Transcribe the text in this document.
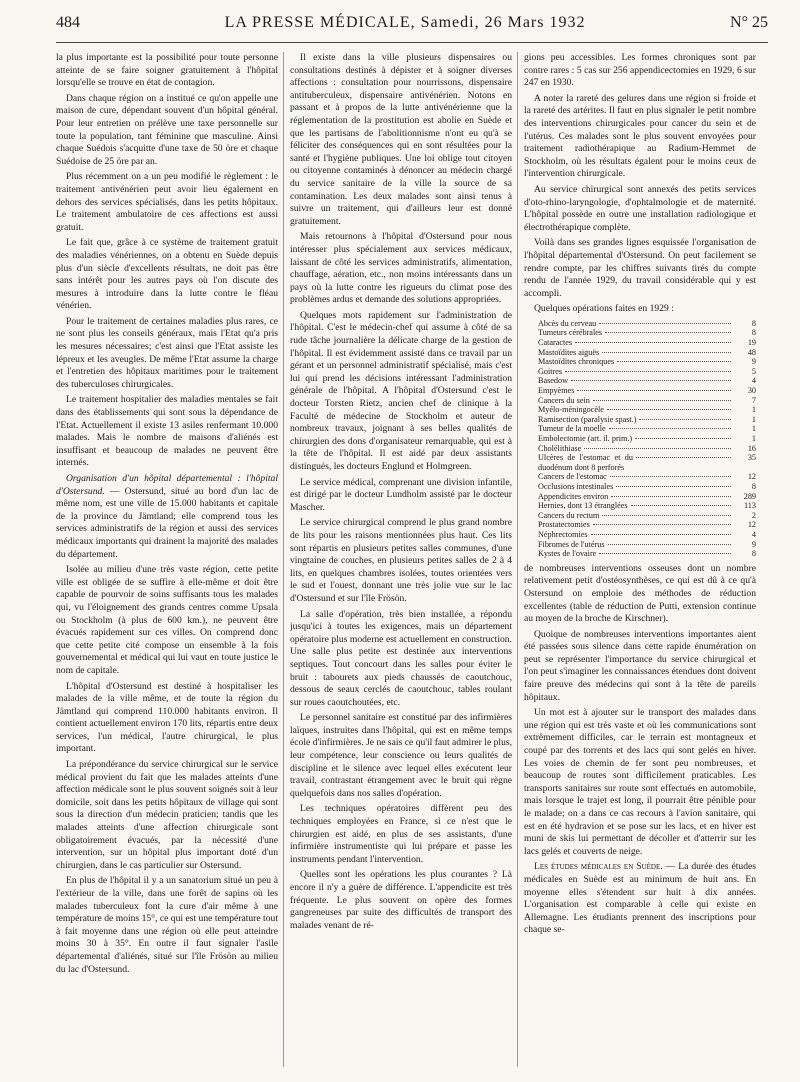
484	LA PRESSE MÉDICALE, Samedi, 26 Mars 1932	N° 25

la plus importante est la possibilité pour toute personne atteinte de se faire soigner gratuitement à l'hôpital lorsqu'elle se trouve en état de contagion.

Dans chaque région on a institué ce qu'on appelle une maison de cure, dépendant souvent d'un hôpital général. Pour leur entretien on prélève une taxe personnelle sur toute la population, tant féminine que masculine. Ainsi chaque Suédois s'acquitte d'une taxe de 50 öre et chaque Suédoise de 25 öre par an.

Plus récemment on a un peu modifié le règlement : le traitement antivénérien peut avoir lieu également en dehors des services spécialisés, dans les petits hôpitaux. Le traitement ambulatoire de ces affections est aussi gratuit.

Le fait que, grâce à ce système de traitement gratuit des maladies vénériennes, on a obtenu en Suède depuis plus d'un siècle d'excellents résultats, ne doit pas être sans intérêt pour les autres pays où l'on discute des mesures à introduire dans la lutte contre le fléau vénérien.

Pour le traitement de certaines maladies plus rares, ce ne sont plus les conseils généraux, mais l'Etat qu'a pris les mesures nécessaires; c'est ainsi que l'Etat assiste les lépreux et les aveugles. De même l'Etat assume la charge et l'entretien des hôpitaux maritimes pour le traitement des tuberculoses chirurgicales.

Le traitement hospitalier des maladies mentales se fait dans des établissements qui sont sous la dépendance de l'Etat. Actuellement il existe 13 asiles renfermant 10.000 malades. Mais le nombre de maisons d'aliénés est insuffisant et beaucoup de malades ne peuvent être internés.

Organisation d'un hôpital départemental : l'hôpital d'Ostersund. — Ostersund, situé au bord d'un lac de même nom, est une ville de 15.000 habitants et capitale de la province du Jämtland; elle comprend tous les services administratifs de la région et aussi des services médicaux importants qui drainent la majorité des malades du département.

Isolée au milieu d'une très vaste région, cette petite ville est obligée de se suffire à elle-même et doit être capable de pourvoir de soins suffisants tous les malades qui, vu l'éloignement des grands centres comme Upsala ou Stockholm (à plus de 600 km.), ne peuvent être évacués rapidement sur ces villes. On comprend donc que cette petite cité compose un ensemble à la fois gouvernemental et médical qui lui vaut en toute justice le nom de capitale.

L'hôpital d'Ostersund est destiné à hospitaliser les malades de la ville même, et de toute la région du Jämtland qui comprend 110.000 habitants environ. Il contient actuellement environ 170 lits, répartis entre deux services, l'un médical, l'autre chirurgical, le plus important.

La prépondérance du service chirurgical sur le service médical provient du fait que les malades atteints d'une affection médicale sont le plus souvent soignés soit à leur domicile, soit dans les petits hôpitaux de village qui sont sous la direction d'un médecin praticien; tandis que les malades atteints d'une affection chirurgicale sont obligatoirement évacués, par la nécessité d'une intervention, sur un hôpital plus important doté d'un chirurgien, dans le cas particulier sur Ostersund.

En plus de l'hôpital il y a un sanatorium situé un peu à l'extérieur de la ville, dans une forêt de sapins où les malades tuberculeux font la cure d'air même à une température de moins 15°, ce qui est une température tout à fait moyenne dans une région où elle peut atteindre moins 30 à 35°. En outre il faut signaler l'asile départemental d'aliénés, situé sur l'île Frösön au milieu du lac d'Ostersund.

Il existe dans la ville plusieurs dispensaires ou consultations destinés à dépister et à soigner diverses affections : consultation pour nourrissons, dispensaire antituberculeux, dispensaire antivénérien. Notons en passant et à propos de la lutte antivénérienne que la réglementation de la prostitution est abolie en Suède et que les partisans de l'abolitionnisme n'ont eu qu'à se féliciter des conséquences qui en sont résultées pour la santé et l'hygiène publiques. Une loi oblige tout citoyen ou citoyenne contaminés à dénoncer au médecin chargé du service sanitaire de la ville la source de sa contamination. Les deux malades sont ainsi tenus à suivre un traitement, qui d'ailleurs leur est donné gratuitement.

Mais retournons à l'hôpital d'Ostersund pour nous intéresser plus spécialement aux services médicaux, laissant de côté les services administratifs, alimentation, chauffage, aération, etc., non moins intéressants dans un pays où la lutte contre les rigueurs du climat pose des problèmes ardus et demande des solutions appropriées.

Quelques mots rapidement sur l'administration de l'hôpital. C'est le médecin-chef qui assume à côté de sa rude tâche journalière la délicate charge de la gestion de l'hôpital. Il est évidemment assisté dans ce travail par un gérant et un personnel administratif spécialisé, mais c'est lui qui prend les décisions intéressant l'administration générale de l'hôpital. A l'hôpital d'Ostersund c'est le docteur Torsten Rietz, ancien chef de clinique à la Faculté de médecine de Stockholm et auteur de nombreux travaux, joignant à ses belles qualités de chirurgien des dons d'organisateur remarquable, qui est à la tête de l'hôpital. Il est aidé par deux assistants distingués, les docteurs Englund et Holmgreen.

Le service médical, comprenant une division infantile, est dirigé par le docteur Lundholm assisté par le docteur Mascher.

Le service chirurgical comprend le plus grand nombre de lits pour les raisons mentionnées plus haut. Ces lits sont répartis en plusieurs petites salles communes, d'une vingtaine de couches, en plusieurs petites salles de 2 à 4 lits, en quelques chambres isolées, toutes orientées vers le sud et l'ouest, donnant une très jolie vue sur le lac d'Ostersund et sur l'île Frösön.

La salle d'opération, très bien installée, a répondu jusqu'ici à toutes les exigences, mais un département opératoire plus moderne est actuellement en construction. Une salle plus petite est destinée aux interventions septiques. Tout concourt dans les salles pour éviter le bruit : tabourets aux pieds chaussés de caoutchouc, dessous de seaux cerclés de caoutchouc, tables roulant sur roues caoutchoutées, etc.

Le personnel sanitaire est constitué par des infirmières laïques, instruites dans l'hôpital, qui est en même temps école d'infirmières. Je ne sais ce qu'il faut admirer le plus, leur compétence, leur conscience ou leurs qualités de discipline et le silence avec lequel elles exécutent leur travail, contrastant étrangement avec le bruit qui règne quelquefois dans nos salles d'opération.

Les techniques opératoires diffèrent peu des techniques employées en France, si ce n'est que le chirurgien est aidé, en plus de ses assistants, d'une infirmière instrumentiste qui lui prépare et passe les instruments pendant l'intervention.

Quelles sont les opérations les plus courantes ? Là encore il n'y a guère de différence. L'appendicite est très fréquente. Le plus souvent on opère des formes gangreneuses par suite des difficultés de transport des malades venant de ré-

gions peu accessibles. Les formes chroniques sont par contre rares : 5 cas sur 256 appendicectomies en 1929, 6 sur 247 en 1930.

A noter la rareté des gelures dans une région si froide et la rareté des artérites. Il faut en plus signaler le petit nombre des interventions chirurgicales pour cancer du sein et de l'utérus. Ces malades sont le plus souvent envoyées pour traitement radiothérapique au Radium-Hemmet de Stockholm, où les résultats égalent pour le moins ceux de l'intervention chirurgicale.

Au service chirurgical sont annexés des petits services d'oto-rhino-laryngologie, d'ophtalmologie et de maternité. L'hôpital possède en outre une installation radiologique et électrothérapique complète.

Voilà dans ses grandes lignes esquissée l'organisation de l'hôpital départemental d'Ostersund. On peut facilement se rendre compte, par les chiffres suivants tirés du compte rendu de l'année 1929, du travail considérable qui y est accompli.

Quelques opérations faites en 1929 :

Abcès du cerveau	8
Tumeurs cérébrales	8
Cataractes	19
Mastoïdites aiguës	48
Mastoïdites chroniques	9
Goitres	5
Basedow	4
Empyèmes	30
Cancers du sein	7
Myélo-méningocèle	1
Ramisection (paralysie spast.)	1
Tumeur de la moelle	1
Embolectomie (art. il. prim.)	1
Cholélithiase	16
Ulcères de l'estomac et du duodénum dont 8 perforés
35
Cancers de l'estomac	12
Occlusions intestinales	8
Appendicites environ	289
Hernies, dont 13 étranglées	113
Cancers du rectum	2
Prostatectomies	12
Néphrectomies	4
Fibromes de l'utérus	9
Kystes de l'ovaire	8

de nombreuses interventions osseuses dont un nombre relativement petit d'ostéosynthèses, ce qui est dû à ce qu'à Ostersund on emploie des méthodes de réduction excellentes (table de réduction de Putti, extension continue au moyen de la broche de Kirschner).

Quoique de nombreuses interventions importantes aient été passées sous silence dans cette rapide énumération on peut se représenter l'importance du service chirurgical et l'on peut s'imaginer les connaissances étendues dont doivent faire preuve des médecins qui sont à la tête de pareils hôpitaux.

Un mot est à ajouter sur le transport des malades dans une région qui est très vaste et où les communications sont extrêmement difficiles, car le terrain est montagneux et coupé par des torrents et des lacs qui sont gelés en hiver. Les voies de chemin de fer sont peu nombreuses, et beaucoup de routes sont difficilement praticables. Les transports sanitaires sur route sont effectués en automobile, mais lorsque le trajet est long, il pourrait être pénible pour le malade; on a dans ce cas recours à l'avion sanitaire, qui est en été hydravion et se pose sur les lacs, et en hiver est muni de skis lui permettant de décoller et d'atterrir sur les lacs gelés et couverts de neige.

Les études médicales en Suède. — La durée des études médicales en Suède est au minimum de huit ans. En moyenne elles s'étendent sur huit à dix années. L'organisation est comparable à celle qui existe en Allemagne. Les étudiants prennent des inscriptions pour chaque se-
